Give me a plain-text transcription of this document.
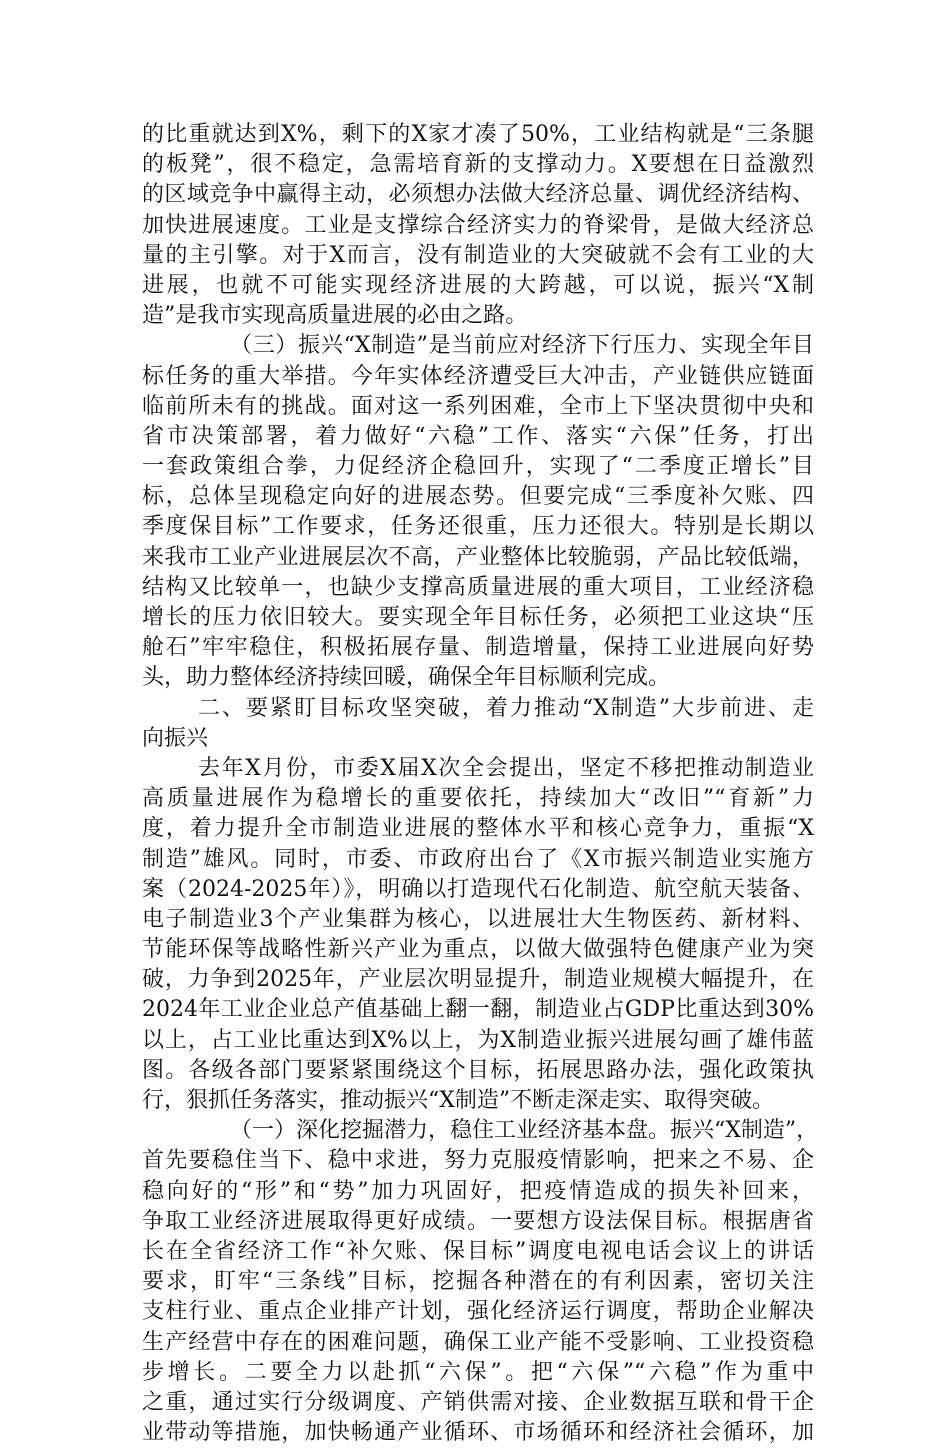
的比重就达到X%，剩下的X家才凑了50%，工业结构就是“三条腿
的板凳”，很不稳定，急需培育新的支撑动力。X要想在日益激烈
的区域竞争中赢得主动，必须想办法做大经济总量、调优经济结构、
加快进展速度。工业是支撑综合经济实力的脊梁骨，是做大经济总
量的主引擎。对于X而言，没有制造业的大突破就不会有工业的大
进展，也就不可能实现经济进展的大跨越，可以说，振兴“X制
造”是我市实现高质量进展的必由之路。
（三）振兴“X制造”是当前应对经济下行压力、实现全年目
标任务的重大举措。今年实体经济遭受巨大冲击，产业链供应链面
临前所未有的挑战。面对这一系列困难，全市上下坚决贯彻中央和
省市决策部署，着力做好“六稳”工作、落实“六保”任务，打出
一套政策组合拳，力促经济企稳回升，实现了“二季度正增长”目
标，总体呈现稳定向好的进展态势。但要完成“三季度补欠账、四
季度保目标”工作要求，任务还很重，压力还很大。特别是长期以
来我市工业产业进展层次不高，产业整体比较脆弱，产品比较低端，
结构又比较单一，也缺少支撑高质量进展的重大项目，工业经济稳
增长的压力依旧较大。要实现全年目标任务，必须把工业这块“压
舱石”牢牢稳住，积极拓展存量、制造增量，保持工业进展向好势
头，助力整体经济持续回暖，确保全年目标顺利完成。
二、要紧盯目标攻坚突破，着力推动“X制造”大步前进、走
向振兴
去年X月份，市委X届X次全会提出，坚定不移把推动制造业
高质量进展作为稳增长的重要依托，持续加大“改旧”“育新”力
度，着力提升全市制造业进展的整体水平和核心竞争力，重振“X
制造”雄风。同时，市委、市政府出台了《X市振兴制造业实施方
案（2024-2025年）》，明确以打造现代石化制造、航空航天装备、
电子制造业3个产业集群为核心，以进展壮大生物医药、新材料、
节能环保等战略性新兴产业为重点，以做大做强特色健康产业为突
破，力争到2025年，产业层次明显提升，制造业规模大幅提升，在
2024年工业企业总产值基础上翻一翻，制造业占GDP比重达到30%
以上，占工业比重达到X%以上，为X制造业振兴进展勾画了雄伟蓝
图。各级各部门要紧紧围绕这个目标，拓展思路办法，强化政策执
行，狠抓任务落实，推动振兴“X制造”不断走深走实、取得突破。
（一）深化挖掘潜力，稳住工业经济基本盘。振兴“X制造”，
首先要稳住当下、稳中求进，努力克服疫情影响，把来之不易、企
稳向好的“形”和“势”加力巩固好，把疫情造成的损失补回来，
争取工业经济进展取得更好成绩。一要想方设法保目标。根据唐省
长在全省经济工作“补欠账、保目标”调度电视电话会议上的讲话
要求，盯牢“三条线”目标，挖掘各种潜在的有利因素，密切关注
支柱行业、重点企业排产计划，强化经济运行调度，帮助企业解决
生产经营中存在的困难问题，确保工业产能不受影响、工业投资稳
步增长。二要全力以赴抓“六保”。把“六保”“六稳”作为重中
之重，通过实行分级调度、产销供需对接、企业数据互联和骨干企
业带动等措施，加快畅通产业循环、市场循环和经济社会循环，加
